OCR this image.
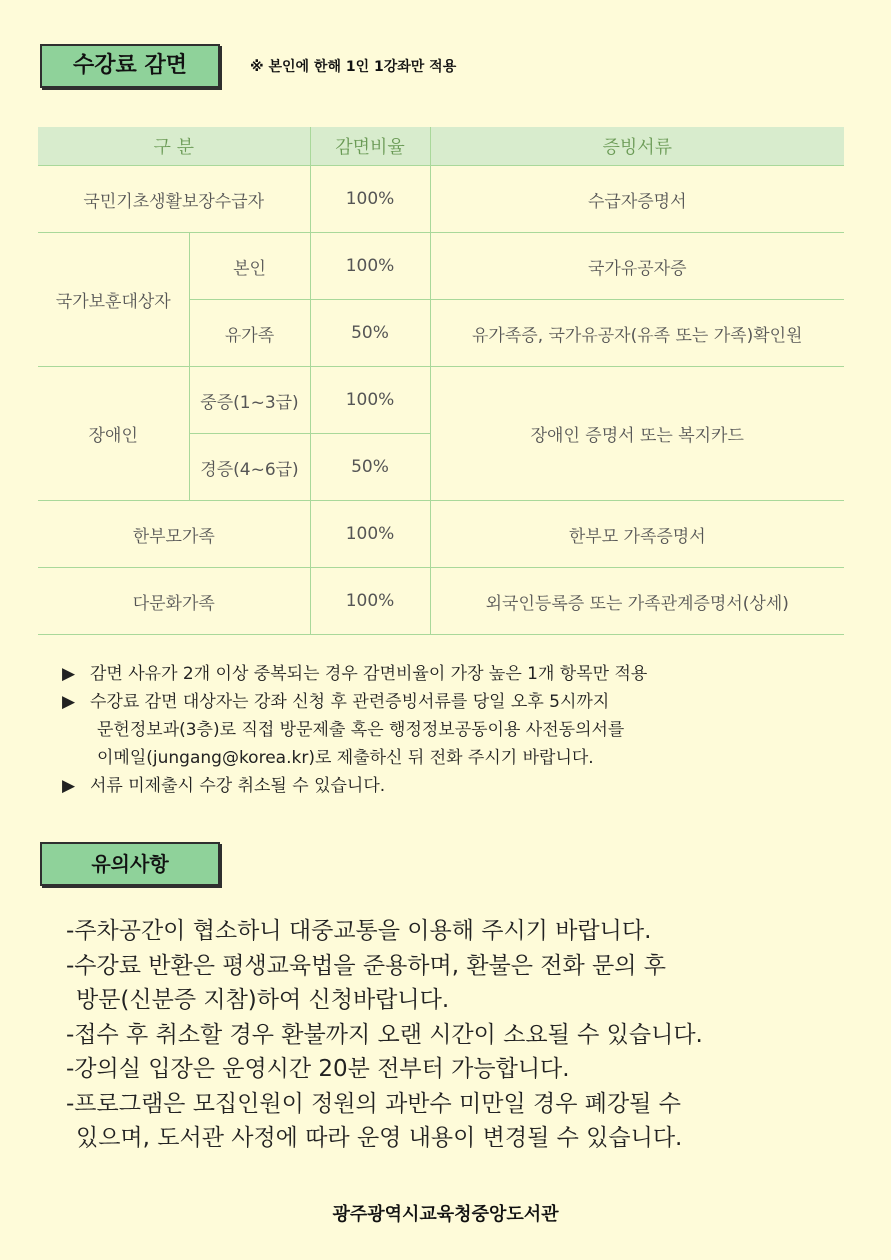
수강료 감면	※ 본인에 한해 1인 1강좌만 적용
구 분		감면비율	증빙서류
국민기초생활보장수급자		100%	수급자증명서
국가보훈대상자	본인	100%	국가유공자증
	유가족	50%	유가족증, 국가유공자(유족 또는 가족)확인원
장애인	중증(1~3급)	100%	장애인 증명서 또는 복지카드
	경증(4~6급)	50%	
한부모가족		100%	한부모 가족증명서
다문화가족		100%	외국인등록증 또는 가족관계증명서(상세)
▶ 감면 사유가 2개 이상 중복되는 경우 감면비율이 가장 높은 1개 항목만 적용
▶ 수강료 감면 대상자는 강좌 신청 후 관련증빙서류를 당일 오후 5시까지
문헌정보과(3층)로 직접 방문제출 혹은 행정정보공동이용 사전동의서를
이메일(jungang@korea.kr)로 제출하신 뒤 전화 주시기 바랍니다.
▶ 서류 미제출시 수강 취소될 수 있습니다.
유의사항
-주차공간이 협소하니 대중교통을 이용해 주시기 바랍니다.
-수강료 반환은 평생교육법을 준용하며, 환불은 전화 문의 후
방문(신분증 지참)하여 신청바랍니다.
-접수 후 취소할 경우 환불까지 오랜 시간이 소요될 수 있습니다.
-강의실 입장은 운영시간 20분 전부터 가능합니다.
-프로그램은 모집인원이 정원의 과반수 미만일 경우 폐강될 수
있으며, 도서관 사정에 따라 운영 내용이 변경될 수 있습니다.
광주광역시교육청중앙도서관
